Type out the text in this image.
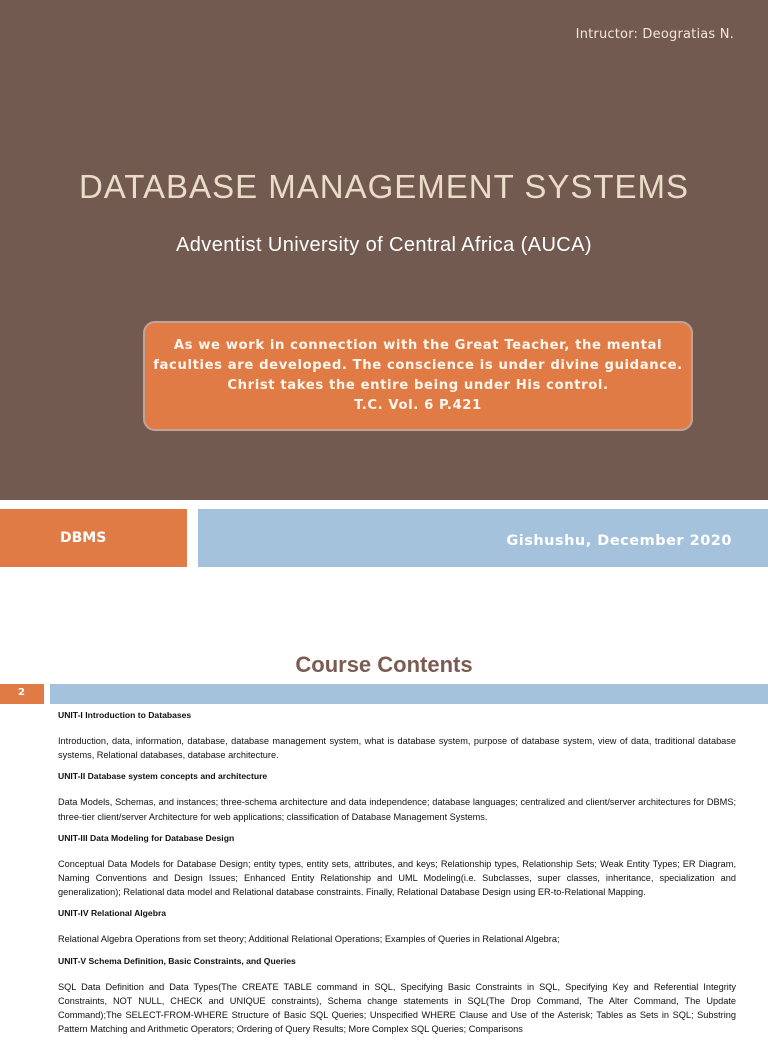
Intructor: Deogratias N.
DATABASE MANAGEMENT SYSTEMS
Adventist University of Central Africa (AUCA)
As we work in connection with the Great Teacher, the mental
faculties are developed. The conscience is under divine guidance.
Christ takes the entire being under His control.
T.C. Vol. 6 P.421
DBMS	Gishushu, December 2020
Course Contents
2
UNIT-I Introduction to Databases
Introduction, data, information, database, database management system, what is database system, purpose of database system, view of data, traditional database systems, Relational databases, database architecture.
UNIT-II Database system concepts and architecture
Data Models, Schemas, and instances; three-schema architecture and data independence; database languages; centralized and client/server architectures for DBMS; three-tier client/server Architecture for web applications; classification of Database Management Systems.
UNIT-III Data Modeling for Database Design
Conceptual Data Models for Database Design; entity types, entity sets, attributes, and keys; Relationship types, Relationship Sets; Weak Entity Types; ER Diagram, Naming Conventions and Design Issues; Enhanced Entity Relationship and UML Modeling(i.e. Subclasses, super classes, inheritance, specialization and generalization); Relational data model and Relational database constraints. Finally, Relational Database Design using ER-to-Relational Mapping.
UNIT-IV Relational Algebra
Relational Algebra Operations from set theory; Additional Relational Operations; Examples of Queries in Relational Algebra;
UNIT-V Schema Definition, Basic Constraints, and Queries
SQL Data Definition and Data Types(The CREATE TABLE command in SQL, Specifying Basic Constraints in SQL, Specifying Key and Referential Integrity Constraints, NOT NULL, CHECK and UNIQUE constraints), Schema change statements in SQL(The Drop Command, The Alter Command, The Update Command);The SELECT-FROM-WHERE Structure of Basic SQL Queries; Unspecified WHERE Clause and Use of the Asterisk; Tables as Sets in SQL; Substring Pattern Matching and Arithmetic Operators; Ordering of Query Results; More Complex SQL Queries; Comparisons
